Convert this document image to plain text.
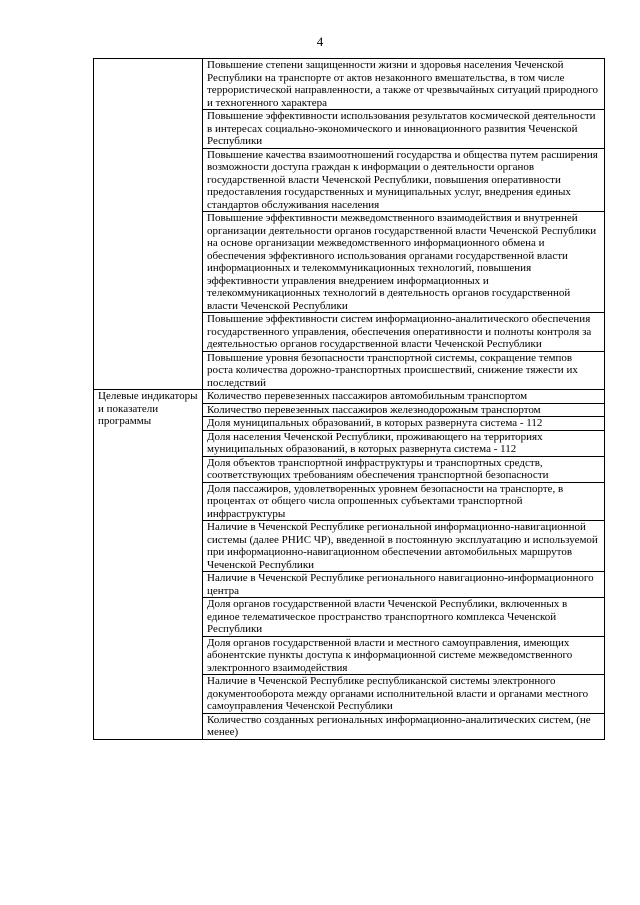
4
	Повышение степени защищенности жизни и здоровья населения Чеченской Республики на транспорте от актов незаконного вмешательства, в том числе террористической направленности, а также от чрезвычайных ситуаций природного и техногенного характера
	Повышение эффективности использования результатов космической деятельности в интересах социально-экономического и инновационного развития Чеченской Республики
	Повышение качества взаимоотношений государства и общества путем расширения возможности доступа граждан к информации о деятельности органов государственной власти Чеченской Республики, повышения оперативности предоставления государственных и муниципальных услуг, внедрения единых стандартов обслуживания населения
	Повышение эффективности межведомственного взаимодействия и внутренней организации деятельности органов государственной власти Чеченской Республики на основе организации межведомственного информационного обмена и обеспечения эффективного использования органами государственной власти информационных и телекоммуникационных технологий, повышения эффективности управления внедрением информационных и телекоммуникационных технологий в деятельность органов государственной власти Чеченской Республики
	Повышение эффективности систем информационно-аналитического обеспечения государственного управления, обеспечения оперативности и полноты контроля за деятельностью органов государственной власти Чеченской Республики
	Повышение уровня безопасности транспортной системы, сокращение темпов роста количества дорожно-транспортных происшествий, снижение тяжести их последствий
Целевые индикаторы и показатели программы	Количество перевезенных пассажиров автомобильным транспортом
	Количество перевезенных пассажиров железнодорожным транспортом
	Доля муниципальных образований, в которых развернута система - 112
	Доля населения Чеченской Республики, проживающего на территориях муниципальных образований, в которых развернута система - 112
	Доля объектов транспортной инфраструктуры и транспортных средств, соответствующих требованиям обеспечения транспортной безопасности
	Доля пассажиров, удовлетворенных уровнем безопасности на транспорте, в процентах от общего числа опрошенных субъектами транспортной инфраструктуры
	Наличие в Чеченской Республике региональной информационно-навигационной системы (далее РНИС ЧР), введенной в постоянную эксплуатацию и используемой при информационно-навигационном обеспечении автомобильных маршрутов Чеченской Республики
	Наличие в Чеченской Республике регионального навигационно-информационного центра
	Доля органов государственной власти Чеченской Республики, включенных в единое телематическое пространство транспортного комплекса Чеченской Республики
	Доля органов государственной власти и местного самоуправления, имеющих абонентские пункты доступа к информационной системе межведомственного электронного взаимодействия
	Наличие в Чеченской Республике республиканской системы электронного документооборота между органами исполнительной власти и органами местного самоуправления Чеченской Республики
	Количество созданных региональных информационно-аналитических систем, (не менее)
